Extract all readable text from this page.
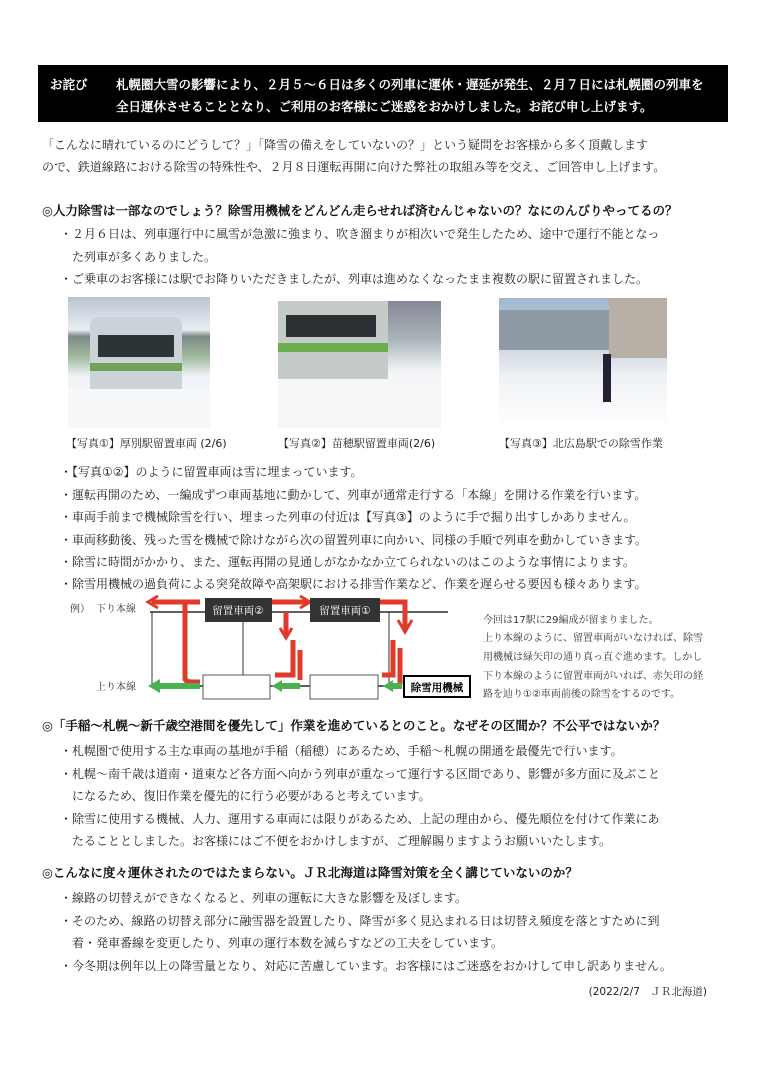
お詫び 札幌圏大雪の影響により、２月５～６日は多くの列車に運休・遅延が発生、２月７日には札幌圏の列車を
全日運休させることとなり、ご利用のお客様にご迷惑をおかけしました。お詫び申し上げます。
「こんなに晴れているのにどうして？」「降雪の備えをしていないの？」という疑問をお客様から多く頂戴します
ので、鉄道線路における除雪の特殊性や、２月８日運転再開に向けた弊社の取組み等を交え、ご回答申し上げます。
◎人力除雪は一部なのでしょう？除雪用機械をどんどん走らせれば済むんじゃないの？なにのんびりやってるの？
・２月６日は、列車運行中に風雪が急激に強まり、吹き溜まりが相次いで発生したため、途中で運行不能となっ
　た列車が多くありました。
・ご乗車のお客様には駅でお降りいただきましたが、列車は進めなくなったまま複数の駅に留置されました。
【写真①】厚別駅留置車両 (2/6)	【写真②】苗穂駅留置車両(2/6)	【写真③】北広島駅での除雪作業
・【写真①②】のように留置車両は雪に埋まっています。
・運転再開のため、一編成ずつ車両基地に動かして、列車が通常走行する「本線」を開ける作業を行います。
・車両手前まで機械除雪を行い、埋まった列車の付近は【写真③】のように手で掘り出すしかありません。
・車両移動後、残った雪を機械で除けながら次の留置列車に向かい、同様の手順で列車を動かしていきます。
・除雪に時間がかかり、また、運転再開の見通しがなかなか立てられないのはこのような事情によります。
・除雪用機械の過負荷による突発故障や高架駅における排雪作業など、作業を遅らせる要因も様々あります。
例） 下り本線
上り本線
留置車両②	留置車両①
除雪用機械
今回は17駅に29編成が留まりました。
上り本線のように、留置車両がいなければ、除雪
用機械は緑矢印の通り真っ直ぐ進めます。しかし
下り本線のように留置車両がいれば、赤矢印の経
路を辿り①②車両前後の除雪をするのです。
◎「手稲～札幌～新千歳空港間を優先して」作業を進めているとのこと。なぜその区間か？不公平ではないか？
・札幌圏で使用する主な車両の基地が手稲（稲穂）にあるため、手稲～札幌の開通を最優先で行います。
・札幌～南千歳は道南・道東など各方面へ向かう列車が重なって運行する区間であり、影響が多方面に及ぶこと
　になるため、復旧作業を優先的に行う必要があると考えています。
・除雪に使用する機械、人力、運用する車両には限りがあるため、上記の理由から、優先順位を付けて作業にあ
　たることとしました。お客様にはご不便をおかけしますが、ご理解賜りますようお願いいたします。
◎こんなに度々運休されたのではたまらない。ＪＲ北海道は降雪対策を全く講じていないのか？
・線路の切替えができなくなると、列車の運転に大きな影響を及ぼします。
・そのため、線路の切替え部分に融雪器を設置したり、降雪が多く見込まれる日は切替え頻度を落とすために到
　着・発車番線を変更したり、列車の運行本数を減らすなどの工夫をしています。
・今冬期は例年以上の降雪量となり、対応に苦慮しています。お客様にはご迷惑をおかけして申し訳ありません。
(2022/2/7　ＪＲ北海道)
